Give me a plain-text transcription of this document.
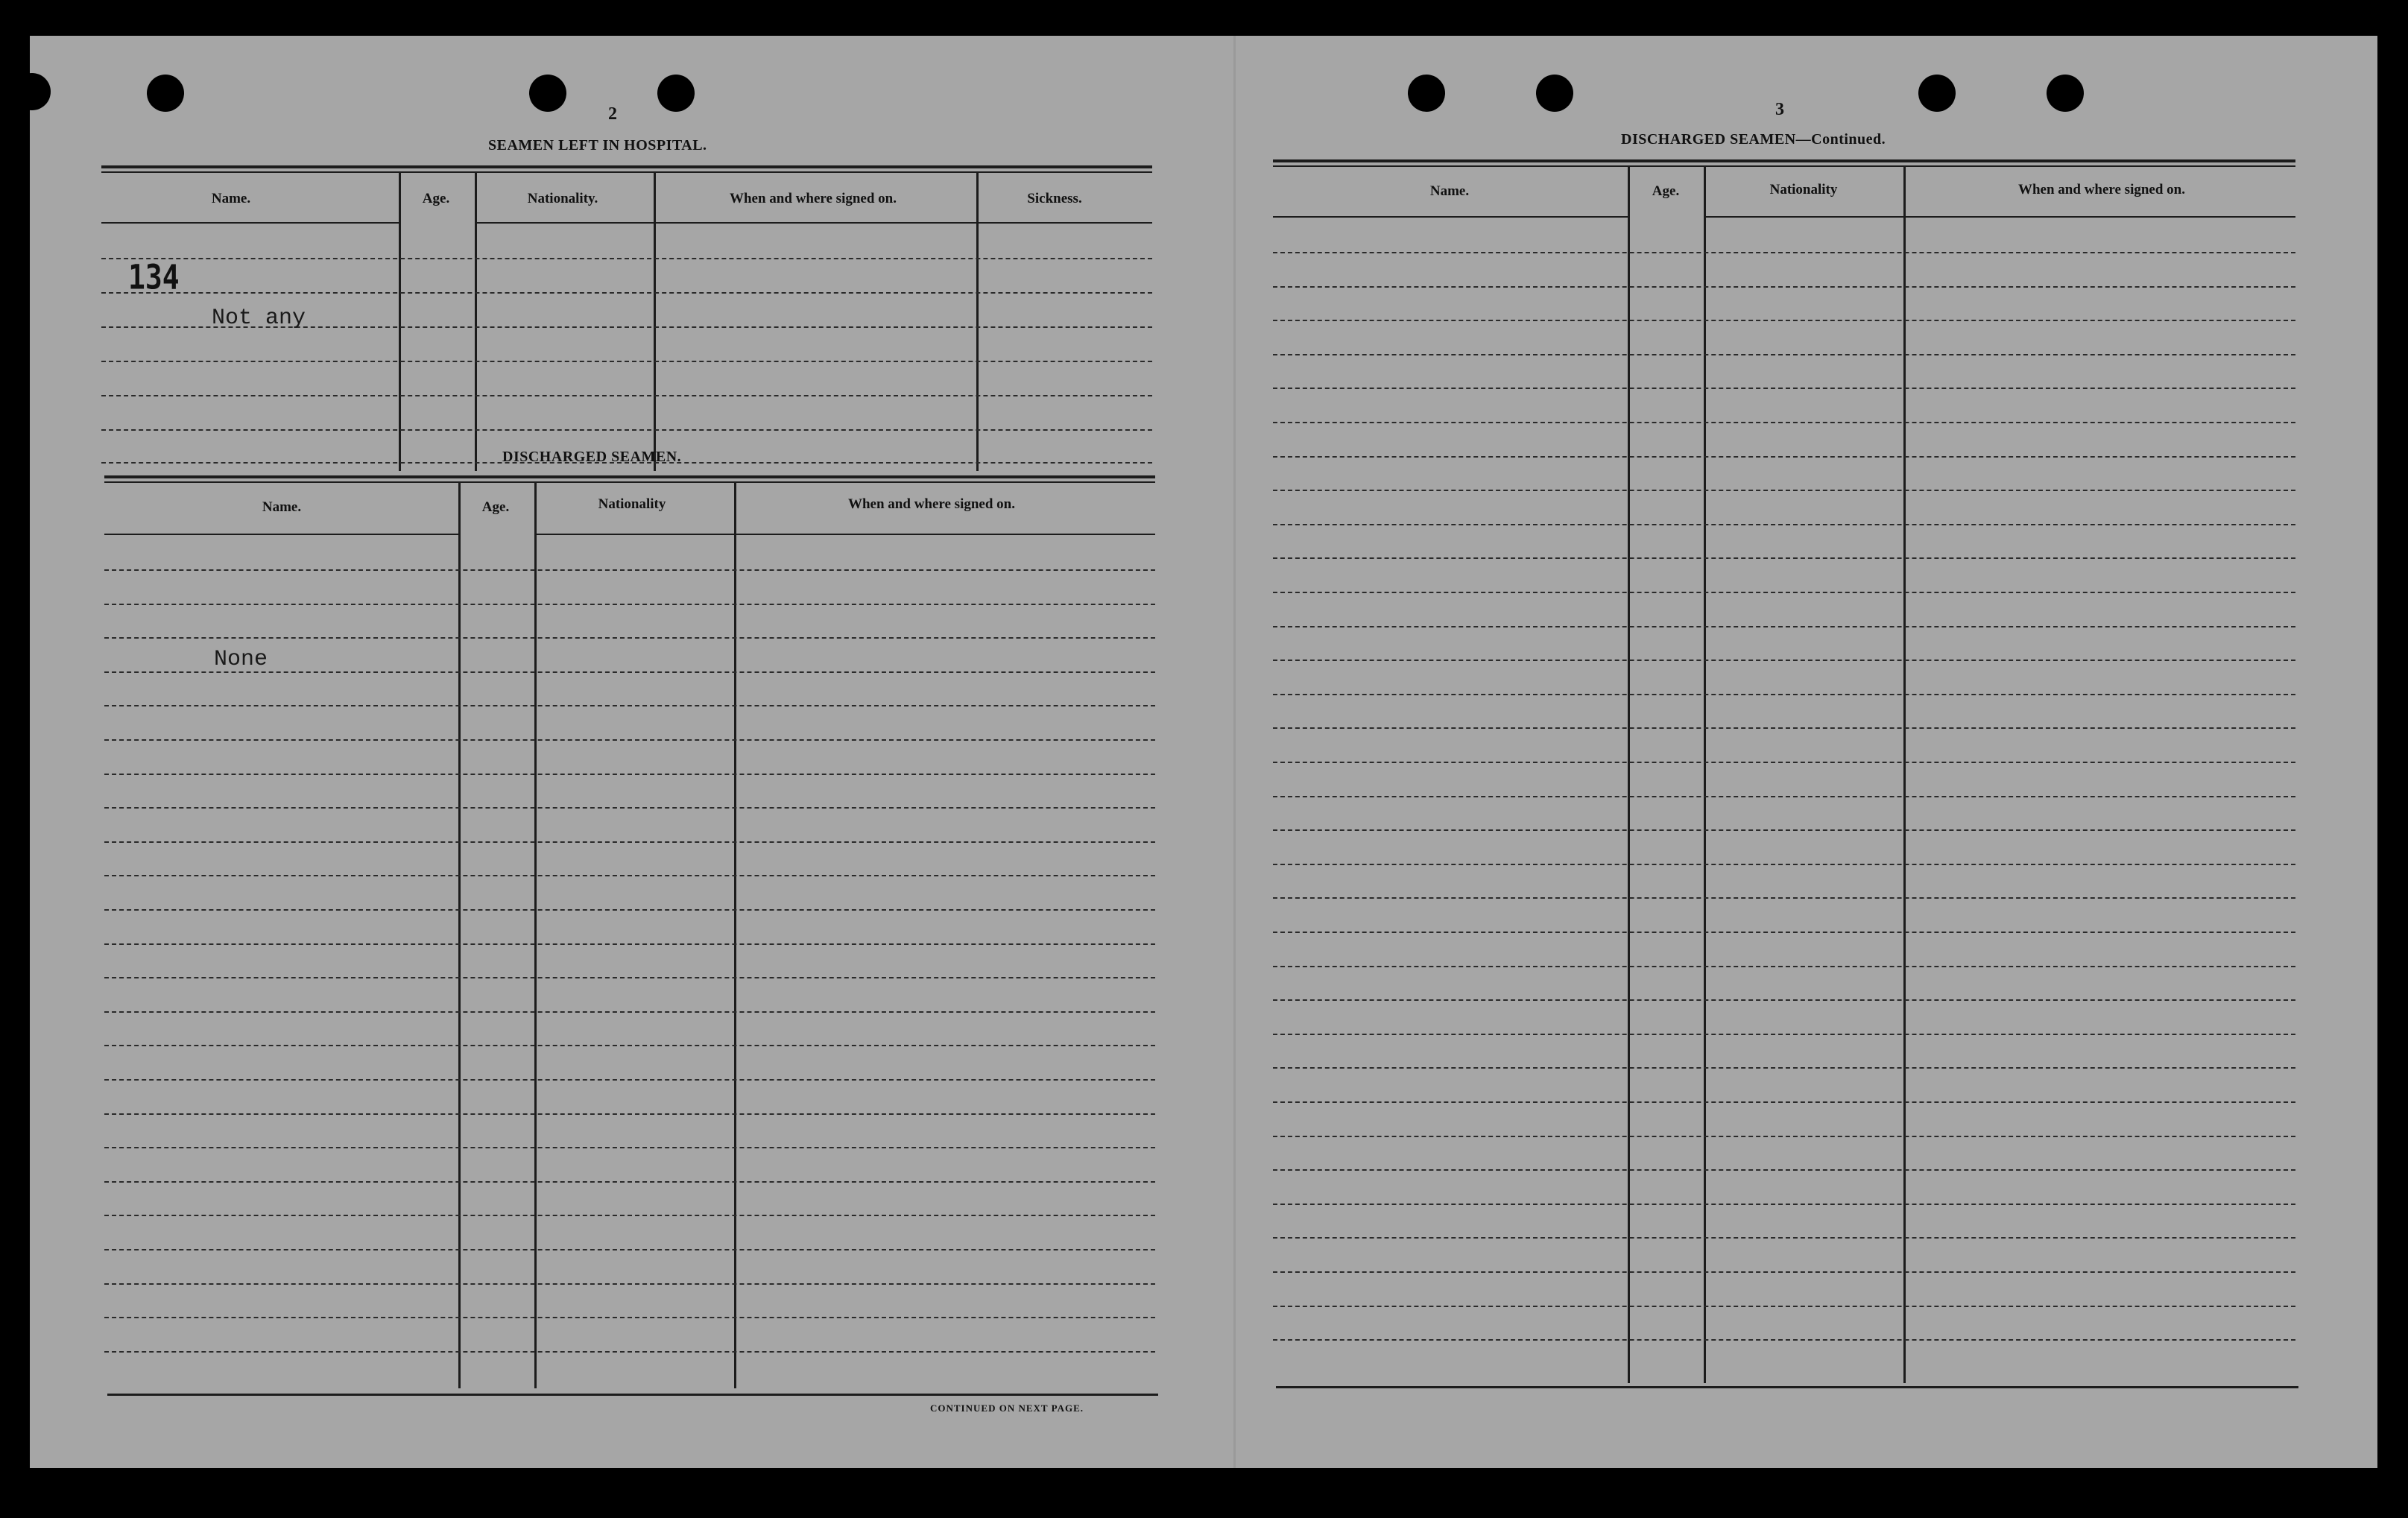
2
SEAMEN LEFT IN HOSPITAL.
Name.	Age.	Nationality.	When and where signed on.	Sickness.
134
Not any
DISCHARGED SEAMEN.
Name.	Age.	Nationality	When and where signed on.
None
CONTINUED ON NEXT PAGE.
3
DISCHARGED SEAMEN—Continued.
Name.	Age.	Nationality	When and where signed on.
